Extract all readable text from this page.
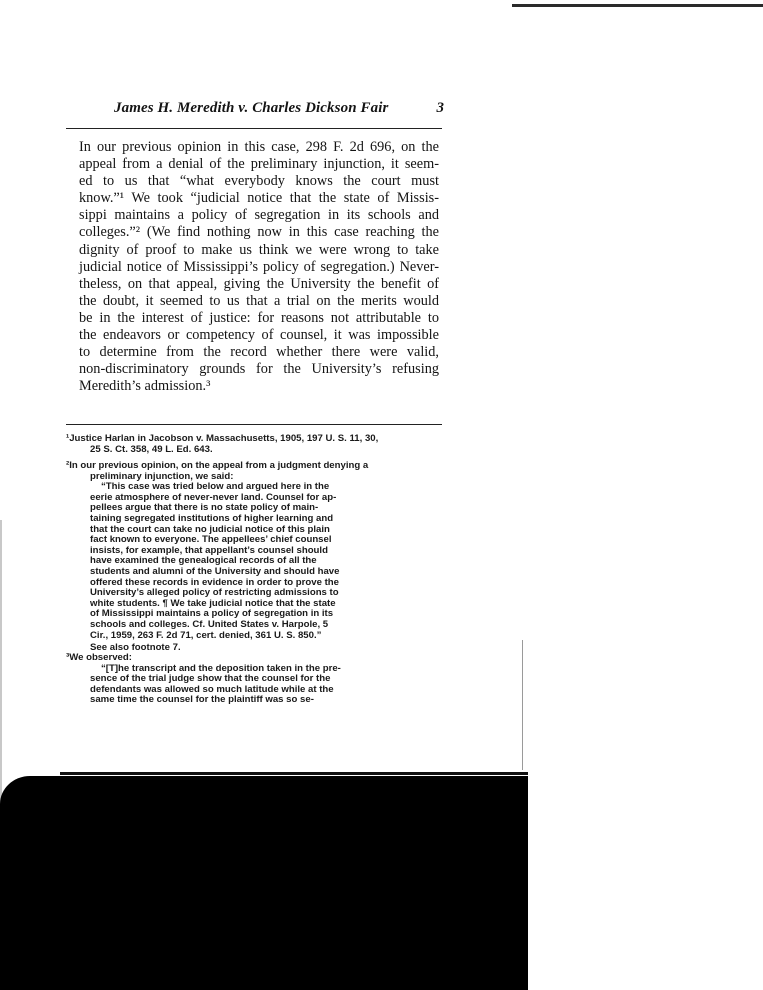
James H. Meredith v. Charles Dickson Fair	3
In our previous opinion in this case, 298 F. 2d 696, on the
appeal from a denial of the preliminary injunction, it seem-
ed to us that “what everybody knows the court must
know.”¹ We took “judicial notice that the state of Missis-
sippi maintains a policy of segregation in its schools and
colleges.”² (We find nothing now in this case reaching the
dignity of proof to make us think we were wrong to take
judicial notice of Mississippi’s policy of segregation.) Never-
theless, on that appeal, giving the University the benefit of
the doubt, it seemed to us that a trial on the merits would
be in the interest of justice: for reasons not attributable to
the endeavors or competency of counsel, it was impossible
to determine from the record whether there were valid,
non-discriminatory grounds for the University’s refusing
Meredith’s admission.³
¹Justice Harlan in Jacobson v. Massachusetts, 1905, 197 U. S. 11, 30,
25 S. Ct. 358, 49 L. Ed. 643.
²In our previous opinion, on the appeal from a judgment denying a
preliminary injunction, we said:
“This case was tried below and argued here in the
eerie atmosphere of never-never land. Counsel for ap-
pellees argue that there is no state policy of main-
taining segregated institutions of higher learning and
that the court can take no judicial notice of this plain
fact known to everyone. The appellees’ chief counsel
insists, for example, that appellant’s counsel should
have examined the genealogical records of all the
students and alumni of the University and should have
offered these records in evidence in order to prove the
University’s alleged policy of restricting admissions to
white students. ¶ We take judicial notice that the state
of Mississippi maintains a policy of segregation in its
schools and colleges. Cf. United States v. Harpole, 5
Cir., 1959, 263 F. 2d 71, cert. denied, 361 U. S. 850.”
See also footnote 7.
³We observed:
“[T]he transcript and the deposition taken in the pre-
sence of the trial judge show that the counsel for the
defendants was allowed so much latitude while at the
same time the counsel for the plaintiff was so se-
